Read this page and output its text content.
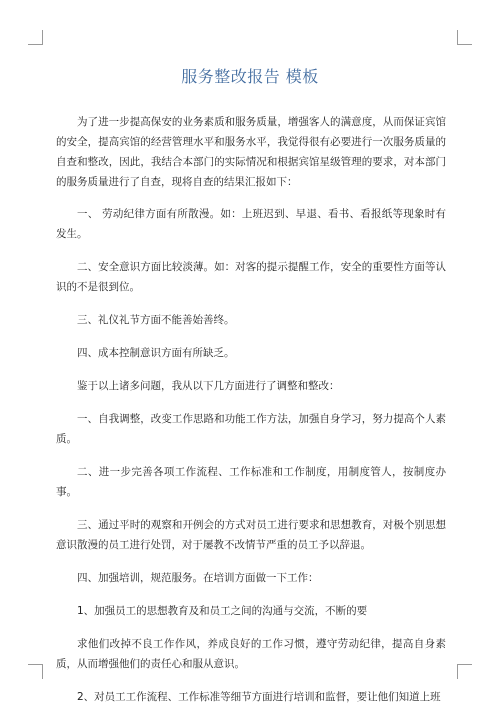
服务整改报告 模板

为了进一步提高保安的业务素质和服务质量，增强客人的满意度，从而保证宾馆的安全，提高宾馆的经营管理水平和服务水平，我觉得很有必要进行一次服务质量的自查和整改，因此，我结合本部门的实际情况和根据宾馆星级管理的要求，对本部门的服务质量进行了自查，现将自查的结果汇报如下：

一、 劳动纪律方面有所散漫。如：上班迟到、早退、看书、看报纸等现象时有发生。

二、安全意识方面比较淡薄。如：对客的提示提醒工作，安全的重要性方面等认识的不是很到位。

三、礼仪礼节方面不能善始善终。

四、成本控制意识方面有所缺乏。

鉴于以上诸多问题，我从以下几方面进行了调整和整改：

一、自我调整，改变工作思路和功能工作方法，加强自身学习，努力提高个人素质。

二、进一步完善各项工作流程、工作标准和工作制度，用制度管人，按制度办事。

三、通过平时的观察和开例会的方式对员工进行要求和思想教育，对极个别思想意识散漫的员工进行处罚，对于屡教不改情节严重的员工予以辞退。

四、加强培训，规范服务。在培训方面做一下工作：

1、加强员工的思想教育及和员工之间的沟通与交流，不断的要

求他们改掉不良工作作风，养成良好的工作习惯，遵守劳动纪律，提高自身素质，从而增强他们的责任心和服从意识。

2、对员工工作流程、工作标准等细节方面进行培训和监督，要让他们知道上班
